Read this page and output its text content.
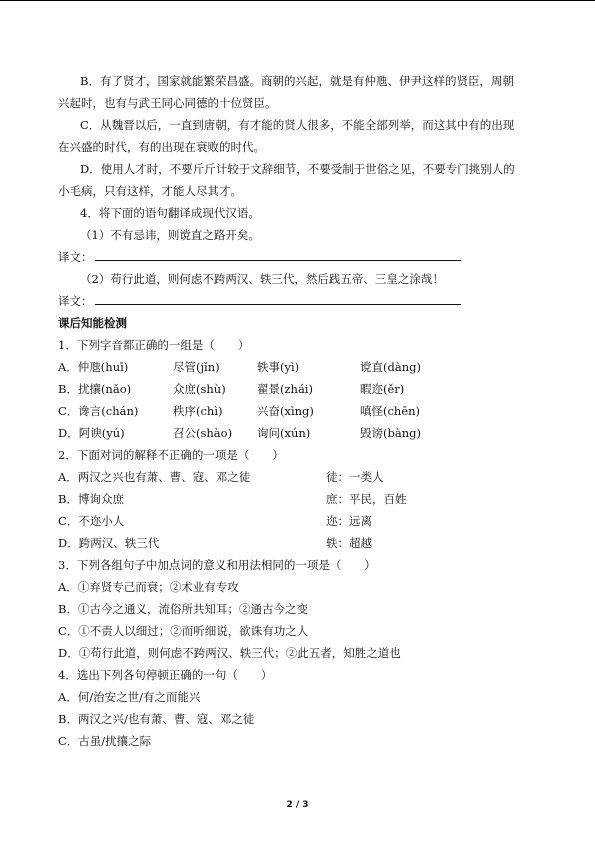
B．有了贤才，国家就能繁荣昌盛。商朝的兴起，就是有仲虺、伊尹这样的贤臣，周朝
兴起时，也有与武王同心同德的十位贤臣。
C．从魏晋以后，一直到唐朝，有才能的贤人很多，不能全部列举，而这其中有的出现
在兴盛的时代，有的出现在衰败的时代。
D．使用人才时，不要斤斤计较于文辞细节，不要受制于世俗之见，不要专门挑别人的
小毛病，只有这样，才能人尽其才。
4．将下面的语句翻译成现代汉语。
（1）不有忌讳，则谠直之路开矣。
译文：
（2）苟行此道，则何虑不跨两汉、轶三代，然后践五帝、三皇之涂哉！
译文：
课后知能检测
1．下列字音都正确的一组是（　　）
A．仲虺(huī)	尽管(jǐn)	轶事(yì)	谠直(dàng)
B．扰攘(nǎo)	众庶(shù)	翟景(zhái)	暇迩(ěr)
C．谗言(chán)	秩序(chì)	兴奋(xìng)	嗔怪(chēn)
D．阿谀(yú)	召公(shào)	询问(xún)	毁谤(bàng)
2．下面对词的解释不正确的一项是（　　）
A．两汉之兴也有萧、曹、寇、邓之徒	徒：一类人
B．博询众庶	庶：平民，百姓
C．不迩小人	迩：远离
D．跨两汉、轶三代	轶：超越
3．下列各组句子中加点词的意义和用法相同的一项是（　　）
A．①弃贤专己而衰；②术业有专攻
B．①古今之通义，流俗所共知耳；②通古今之变
C．①不责人以细过；②而听细说，欲诛有功之人
D．①苟行此道，则何虑不跨两汉、轶三代；②此五者，知胜之道也
4．选出下列各句停顿正确的一句（　　）
A．何/治安之世/有之而能兴
B．两汉之兴/也有萧、曹、寇、邓之徒
C．古虽/扰攘之际
2 / 3
